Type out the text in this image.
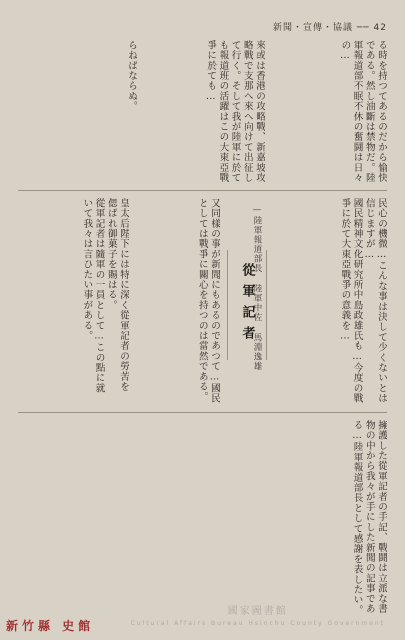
新聞・宣傳・協議 ── 42

る時を持つてあるのだから愉快である。然し油斷は禁物だ。陸軍報道部不眠不休の奮鬪は日々の…

來或は香港の攻略戰、新嘉坡攻略戰で支那へ來へ向けて出征して行く。そして我が陸軍に於ても報道班の活躍はこの大東亞戰爭に於ても…

らねばならぬ。

民心の機微…こんな事は決して少くないとは信じますが…

國民精神文化研究所中島政雄氏も…今度の戰爭に於て大東亞戰爭の意義を…

—陸軍報道部長 陸軍中佐 馬淵逸雄
從軍記者

又同樣の事が新聞にもあるのであつて…國民としては戰爭に關心を持つのは當然である。

皇太后陛下には特に深く從軍記者の勞苦を偲ばれ御菓子を賜はる。

從軍記者は隨軍の一員として…この點に就いて我々は言ひたい事がある。

擁護した從軍記者の手記、戰鬪は立派な書物の中から我々が手にした新聞の記事である…陸軍報道部長として感謝を表したい。

新竹縣 史館
國家圖書館
Cultural Affairs Bureau Hsinchu County Government
